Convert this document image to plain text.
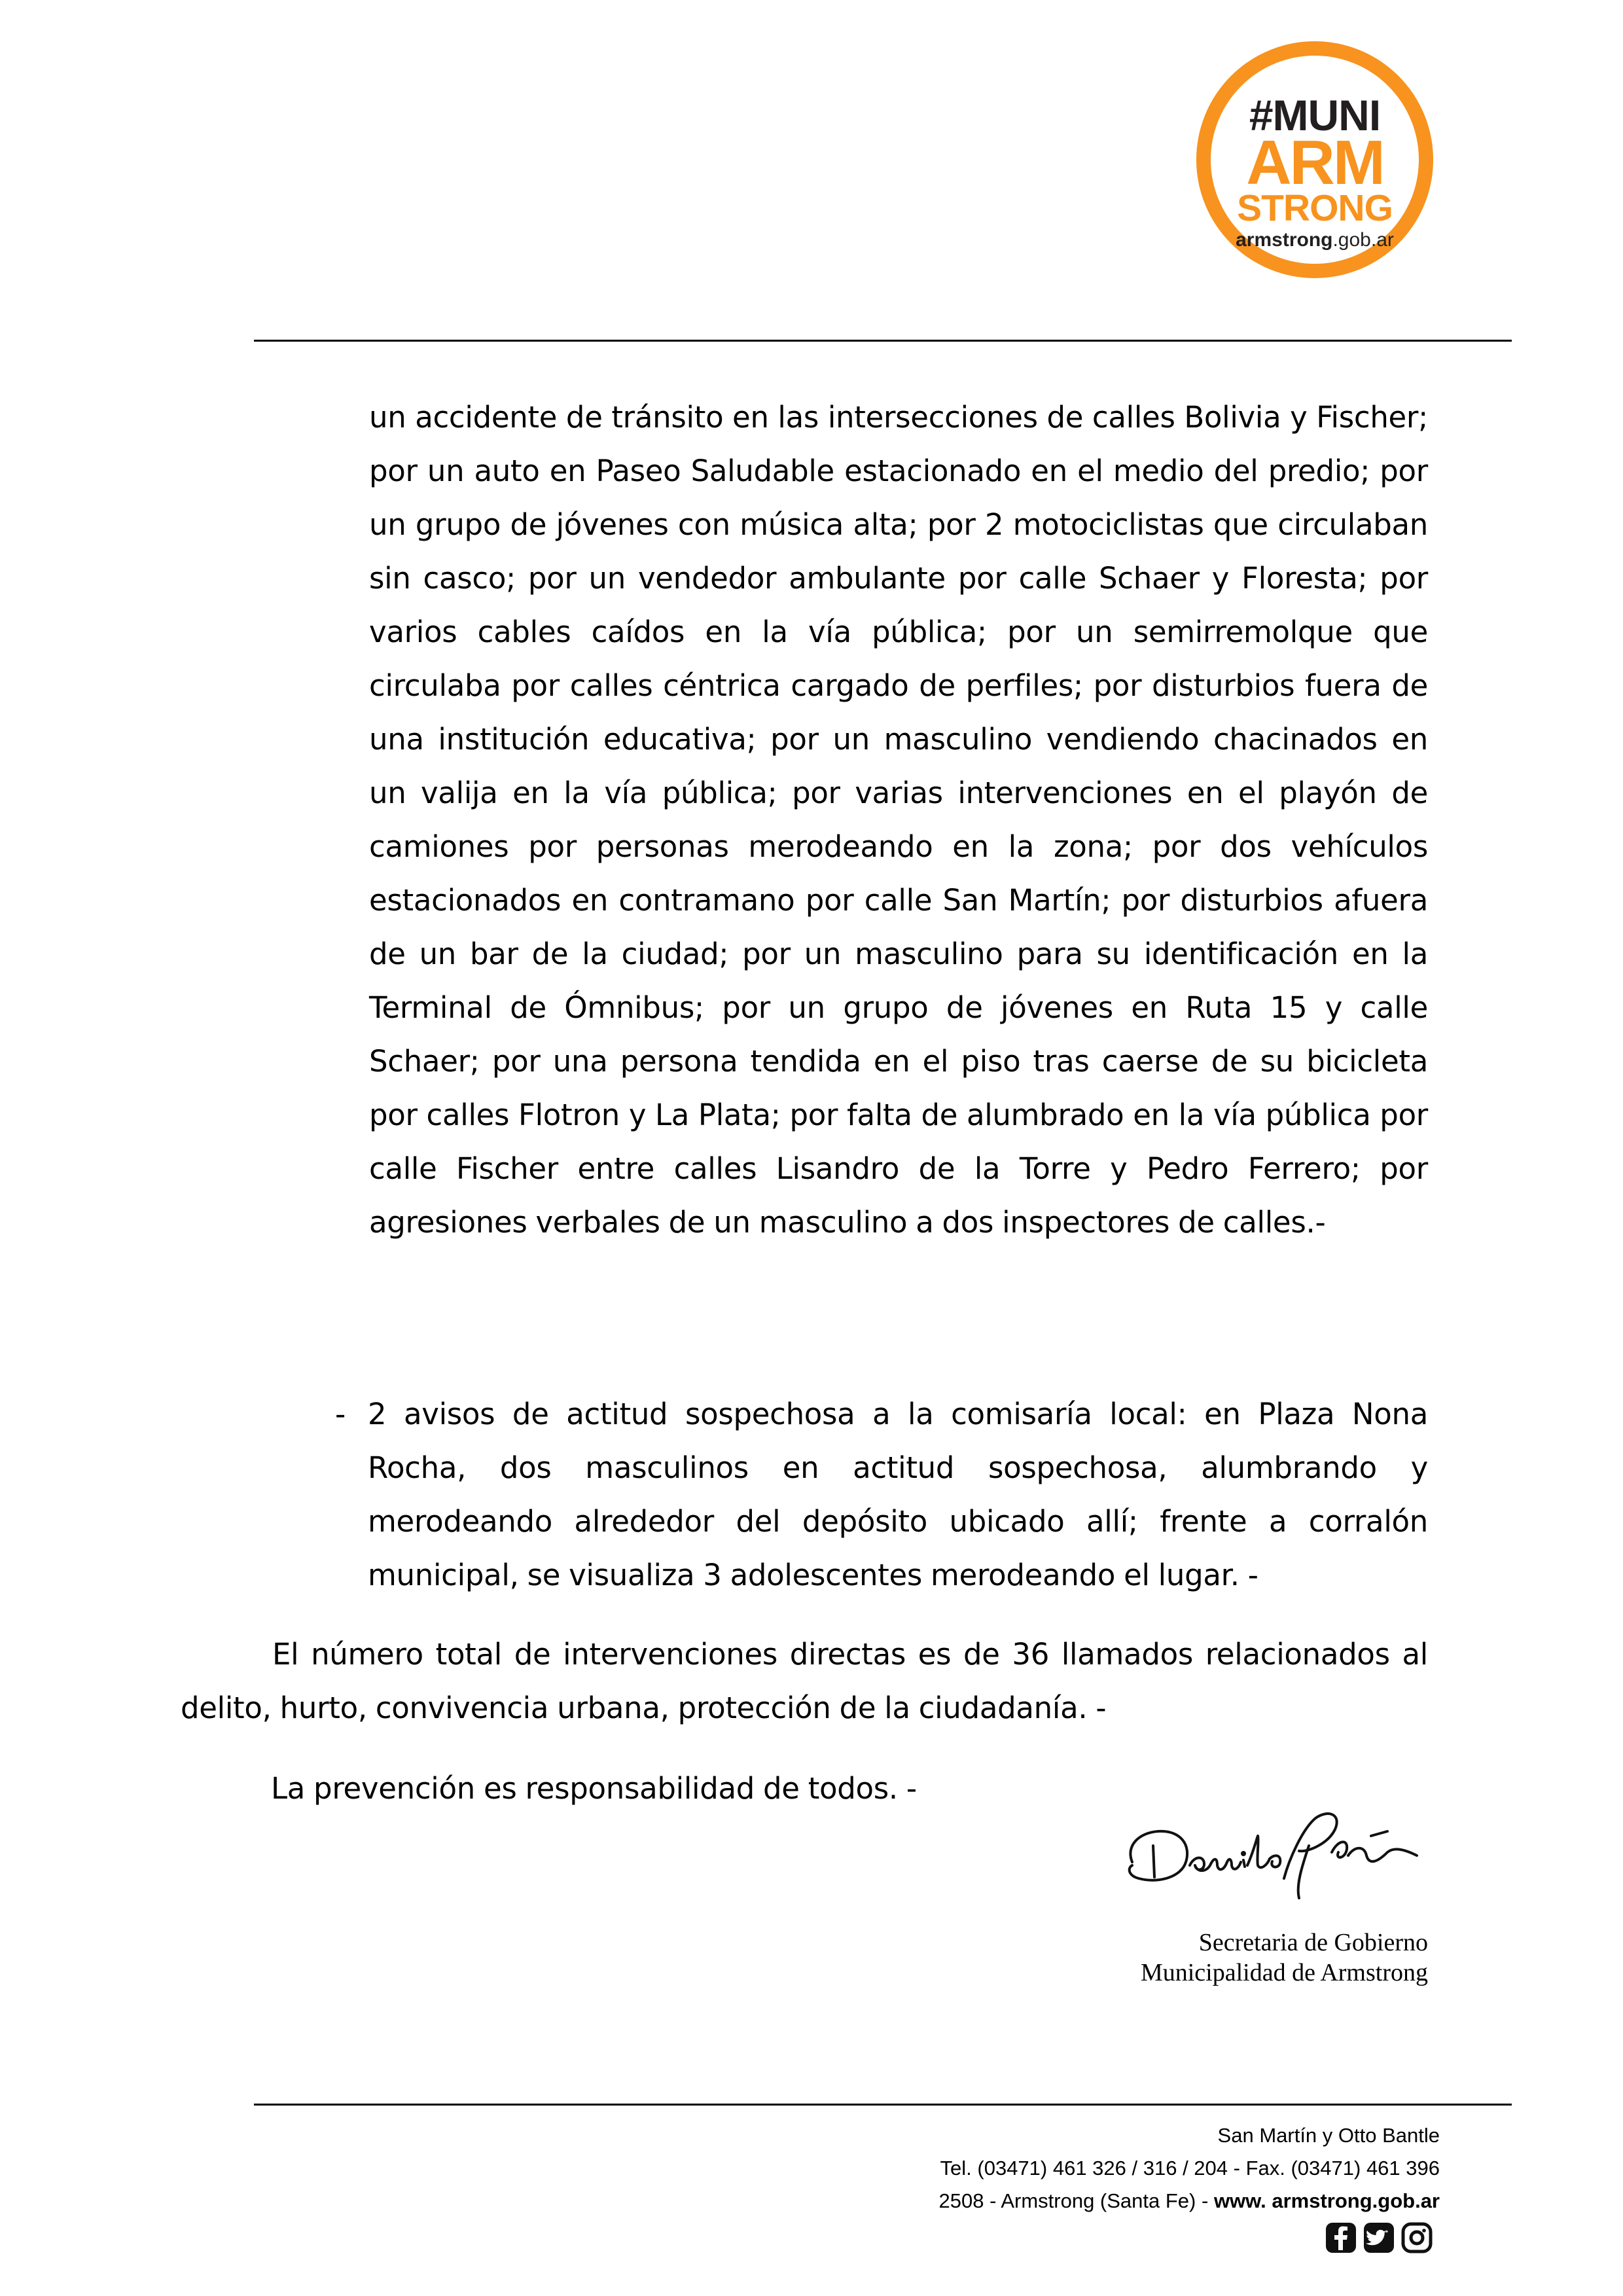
#MUNI
ARM
STRONG
armstrong.gob.ar

un accidente de tránsito en las intersecciones de calles Bolivia y Fischer; por un auto en Paseo Saludable estacionado en el medio del predio; por un grupo de jóvenes con música alta; por 2 motociclistas que circulaban sin casco; por un vendedor ambulante por calle Schaer y Floresta; por varios cables caídos en la vía pública; por un semirremolque que circulaba por calles céntrica cargado de perfiles; por disturbios fuera de una institución educativa; por un masculino vendiendo chacinados en un valija en la vía pública; por varias intervenciones en el playón de camiones por personas merodeando en la zona; por dos vehículos estacionados en contramano por calle San Martín; por disturbios afuera de un bar de la ciudad; por un masculino para su identificación en la Terminal de Ómnibus; por un grupo de jóvenes en Ruta 15 y calle Schaer; por una persona tendida en el piso tras caerse de su bicicleta por calles Flotron y La Plata; por falta de alumbrado en la vía pública por calle Fischer entre calles Lisandro de la Torre y Pedro Ferrero; por agresiones verbales de un masculino a dos inspectores de calles.-

- 2 avisos de actitud sospechosa a la comisaría local: en Plaza Nona Rocha, dos masculinos en actitud sospechosa, alumbrando y merodeando alrededor del depósito ubicado allí; frente a corralón municipal, se visualiza 3 adolescentes merodeando el lugar. -

El número total de intervenciones directas es de 36 llamados relacionados al delito, hurto, convivencia urbana, protección de la ciudadanía. -

La prevención es responsabilidad de todos. -

Secretaria de Gobierno
Municipalidad de Armstrong
San Martín y Otto Bantle
Tel. (03471) 461 326 / 316 / 204 - Fax. (03471) 461 396
2508 - Armstrong (Santa Fe) - www. armstrong.gob.ar
